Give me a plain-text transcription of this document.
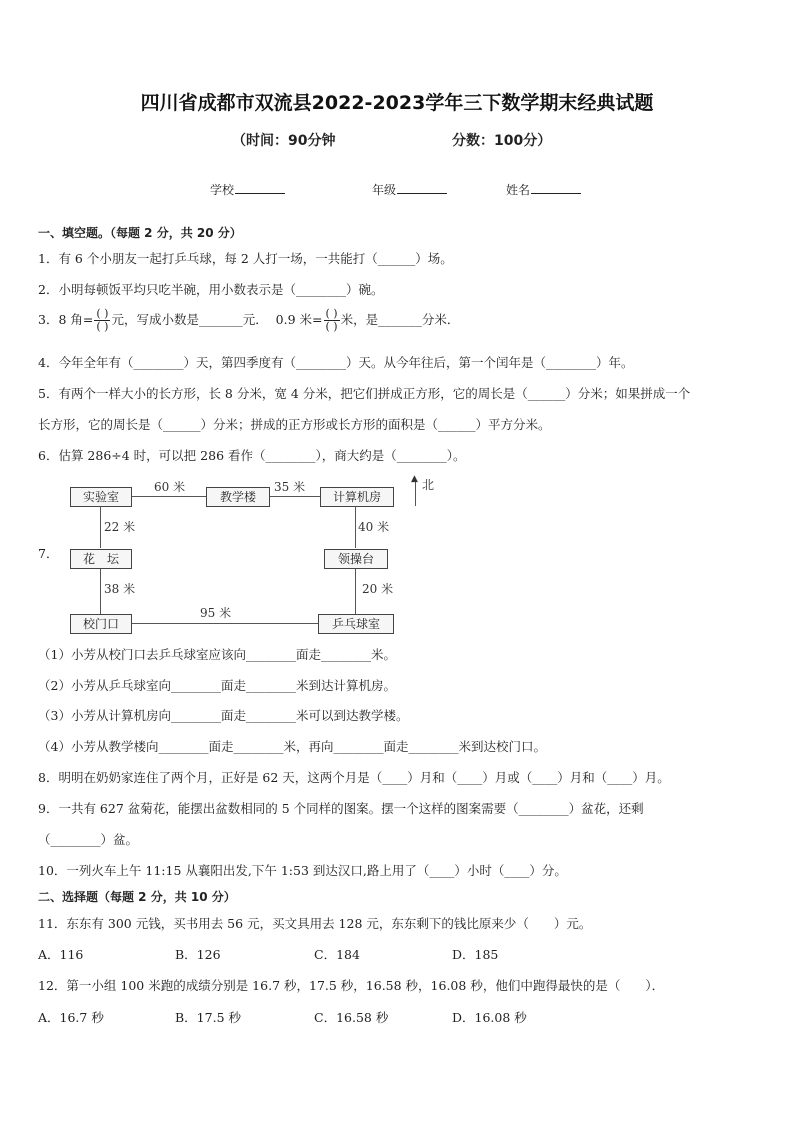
四川省成都市双流县2022-2023学年三下数学期末经典试题
（时间：90分钟	分数：100分）
学校	年级	姓名
一、填空题。（每题 2 分，共 20 分）
1．有 6 个小朋友一起打乒乓球，每 2 人打一场，一共能打（______）场。
2．小明每顿饭平均只吃半碗，用小数表示是（________）碗。
3．8 角= $\frac{( )}{( )}$ 元，写成小数是_______元． 0.9 米= $\frac{( )}{( )}$ 米，是_______分米．
4．今年全年有（________）天，第四季度有（________）天。从今年往后，第一个闰年是（________）年。
5．有两个一样大小的长方形，长 8 分米，宽 4 分米，把它们拼成正方形，它的周长是（______）分米；如果拼成一个
长方形，它的周长是（______）分米；拼成的正方形或长方形的面积是（______）平方分米。
6．估算 286÷4 时，可以把 286 看作（________），商大约是（________）。
7．
▲
实验室	教学楼	计算机房
花　坛	领操台
校门口	乒乓球室
60 米	35 米
22 米	40 米
38 米	20 米
95 米
北
（1）小芳从校门口去乒乓球室应该向________面走________米。
（2）小芳从乒乓球室向________面走________米到达计算机房。
（3）小芳从计算机房向________面走________米可以到达教学楼。
（4）小芳从教学楼向________面走________米，再向________面走________米到达校门口。
8．明明在奶奶家连住了两个月，正好是 62 天，这两个月是（____）月和（____）月或（____）月和（____）月。
9．一共有 627 盆菊花，能摆出盆数相同的 5 个同样的图案。摆一个这样的图案需要（________）盆花，还剩
（________）盆。
10．一列火车上午 11:15 从襄阳出发,下午 1:53 到达汉口,路上用了（____）小时（____）分。
二、选择题（每题 2 分，共 10 分）
11．东东有 300 元钱，买书用去 56 元，买文具用去 128 元，东东剩下的钱比原来少（　　）元。
A．116	B．126	C．184	D．185
12．第一小组 100 米跑的成绩分别是 16.7 秒，17.5 秒，16.58 秒，16.08 秒，他们中跑得最快的是（　　）．
A．16.7 秒	B．17.5 秒	C．16.58 秒	D．16.08 秒
